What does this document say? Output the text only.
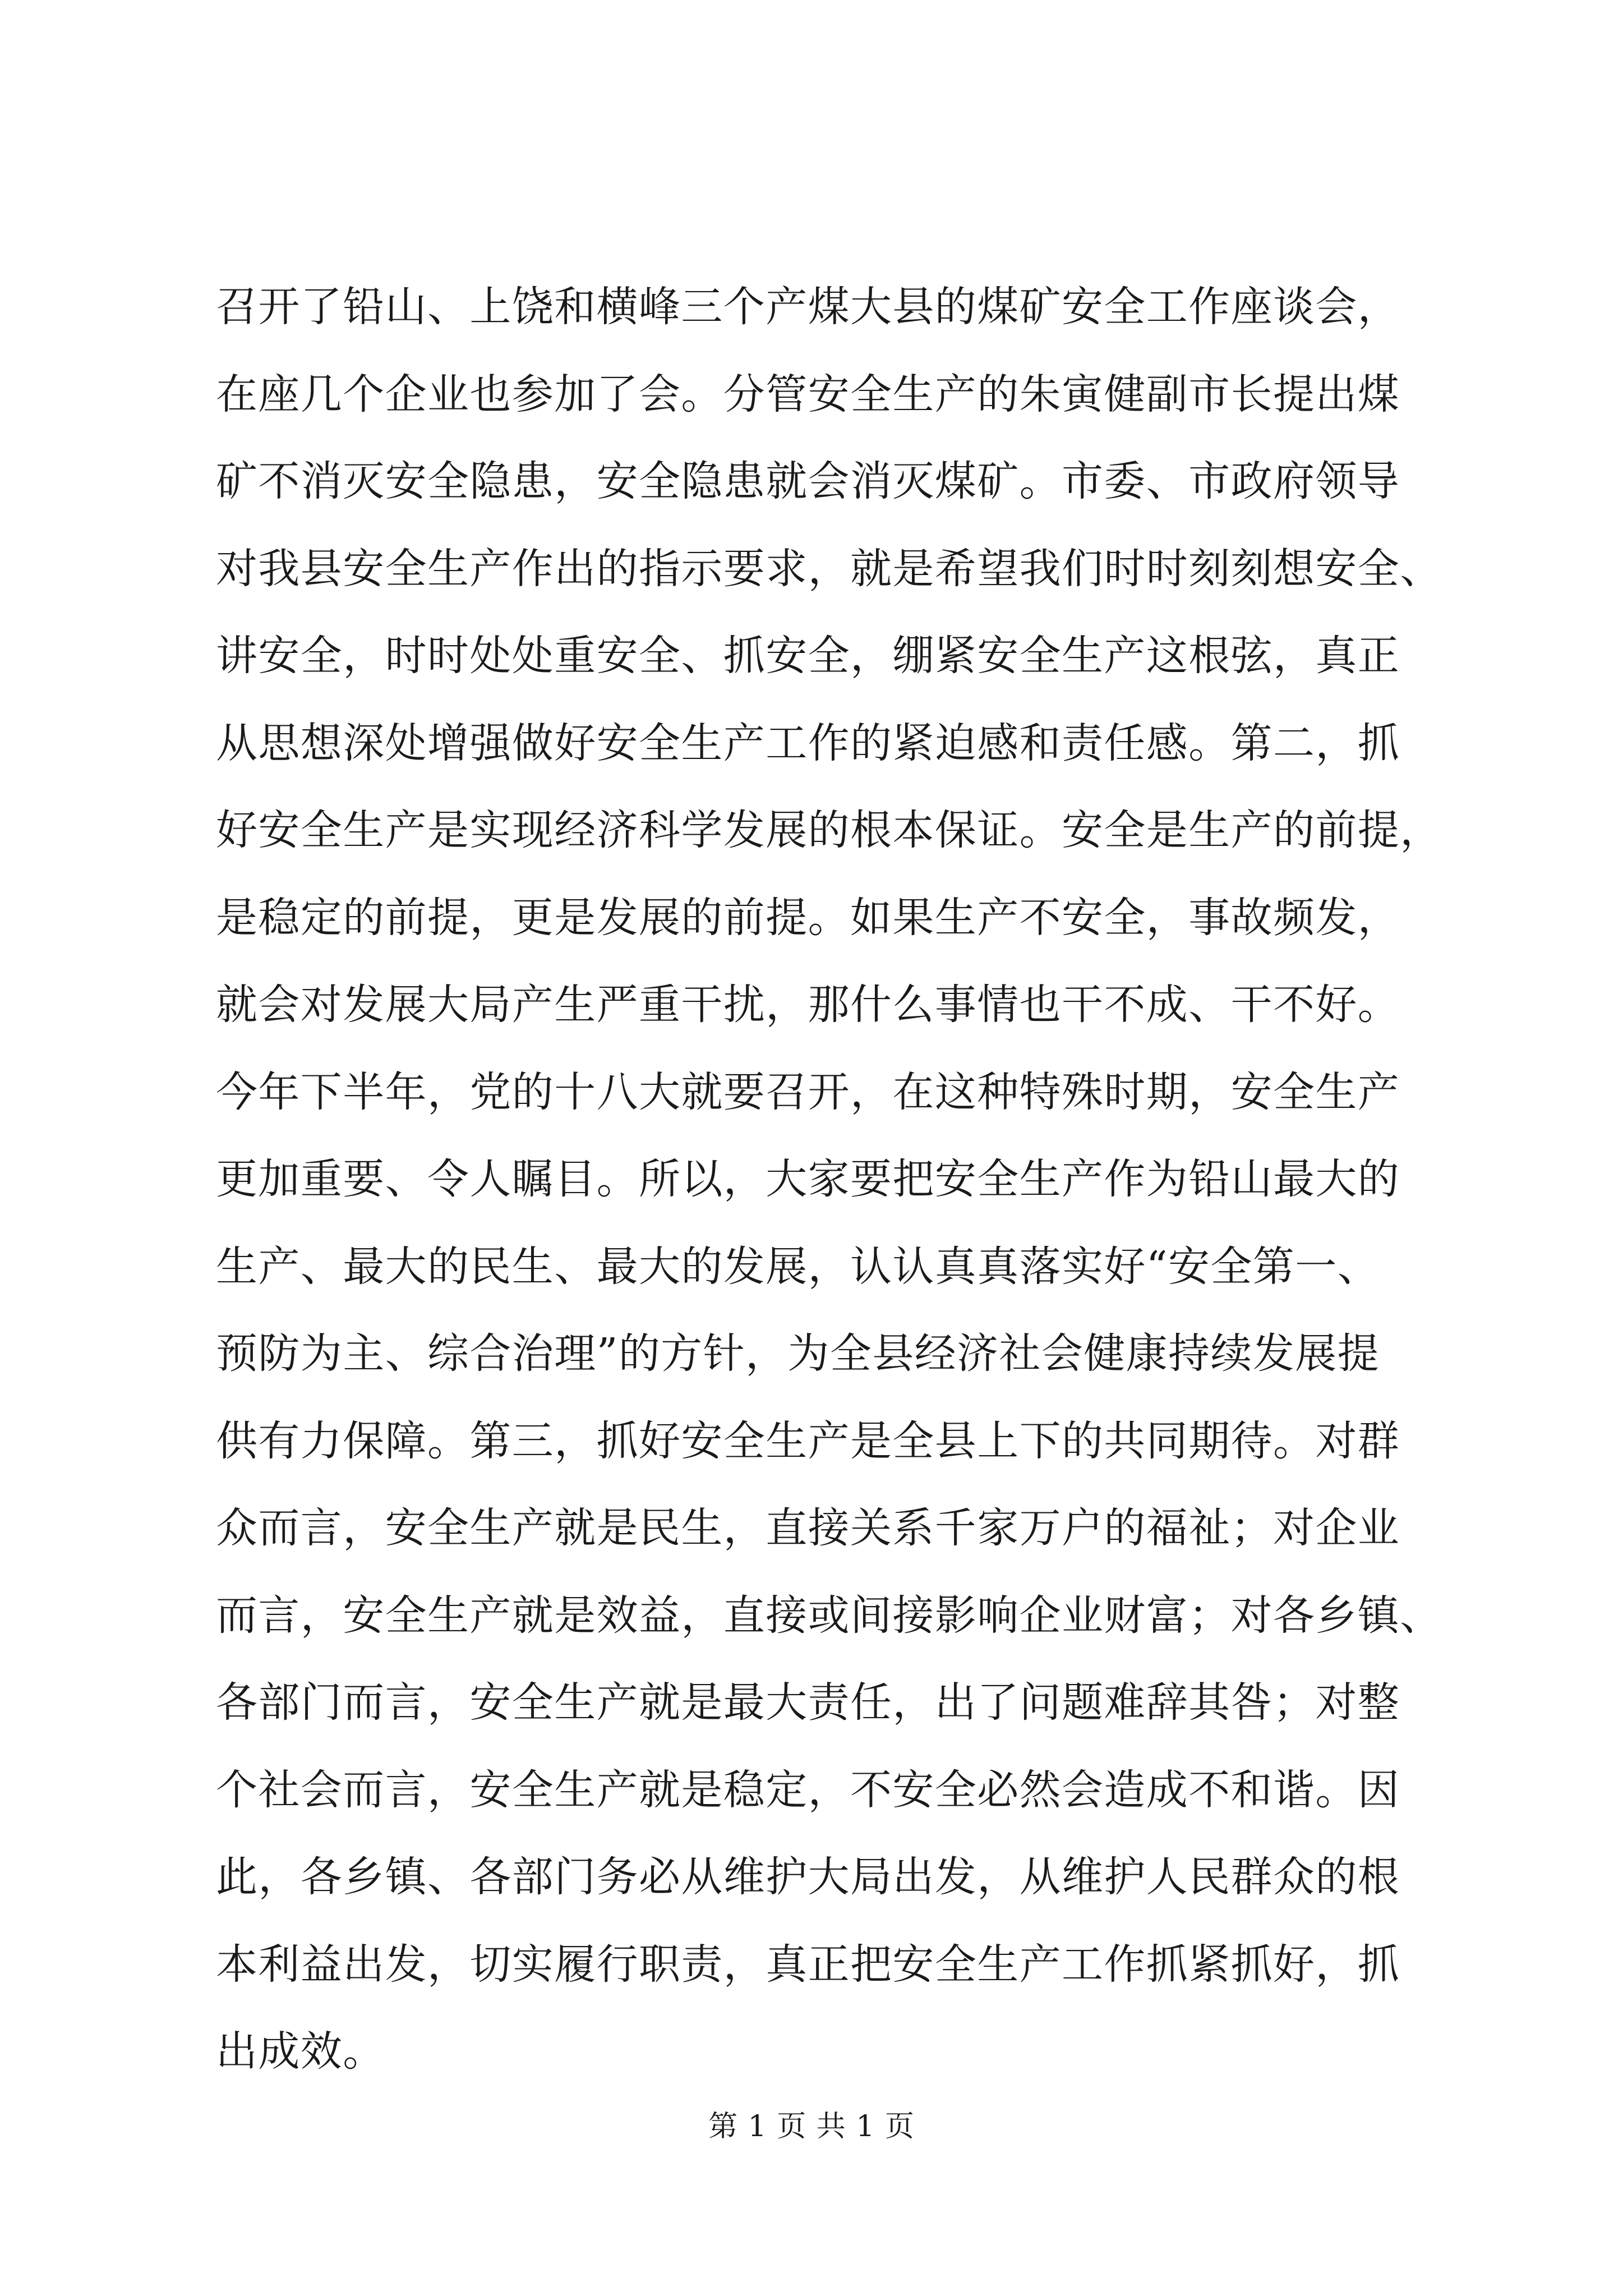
召开了铅山、上饶和横峰三个产煤大县的煤矿安全工作座谈会，
在座几个企业也参加了会。分管安全生产的朱寅健副市长提出煤
矿不消灭安全隐患，安全隐患就会消灭煤矿。市委、市政府领导
对我县安全生产作出的指示要求，就是希望我们时时刻刻想安全、
讲安全，时时处处重安全、抓安全，绷紧安全生产这根弦，真正
从思想深处增强做好安全生产工作的紧迫感和责任感。第二，抓
好安全生产是实现经济科学发展的根本保证。安全是生产的前提，
是稳定的前提，更是发展的前提。如果生产不安全，事故频发，
就会对发展大局产生严重干扰，那什么事情也干不成、干不好。
今年下半年，党的十八大就要召开，在这种特殊时期，安全生产
更加重要、令人瞩目。所以，大家要把安全生产作为铅山最大的
生产、最大的民生、最大的发展，认认真真落实好“安全第一、
预防为主、综合治理”的方针，为全县经济社会健康持续发展提
供有力保障。第三，抓好安全生产是全县上下的共同期待。对群
众而言，安全生产就是民生，直接关系千家万户的福祉；对企业
而言，安全生产就是效益，直接或间接影响企业财富；对各乡镇、
各部门而言，安全生产就是最大责任，出了问题难辞其咎；对整
个社会而言，安全生产就是稳定，不安全必然会造成不和谐。因
此，各乡镇、各部门务必从维护大局出发，从维护人民群众的根
本利益出发，切实履行职责，真正把安全生产工作抓紧抓好，抓
出成效。
第 1 页 共 1 页
